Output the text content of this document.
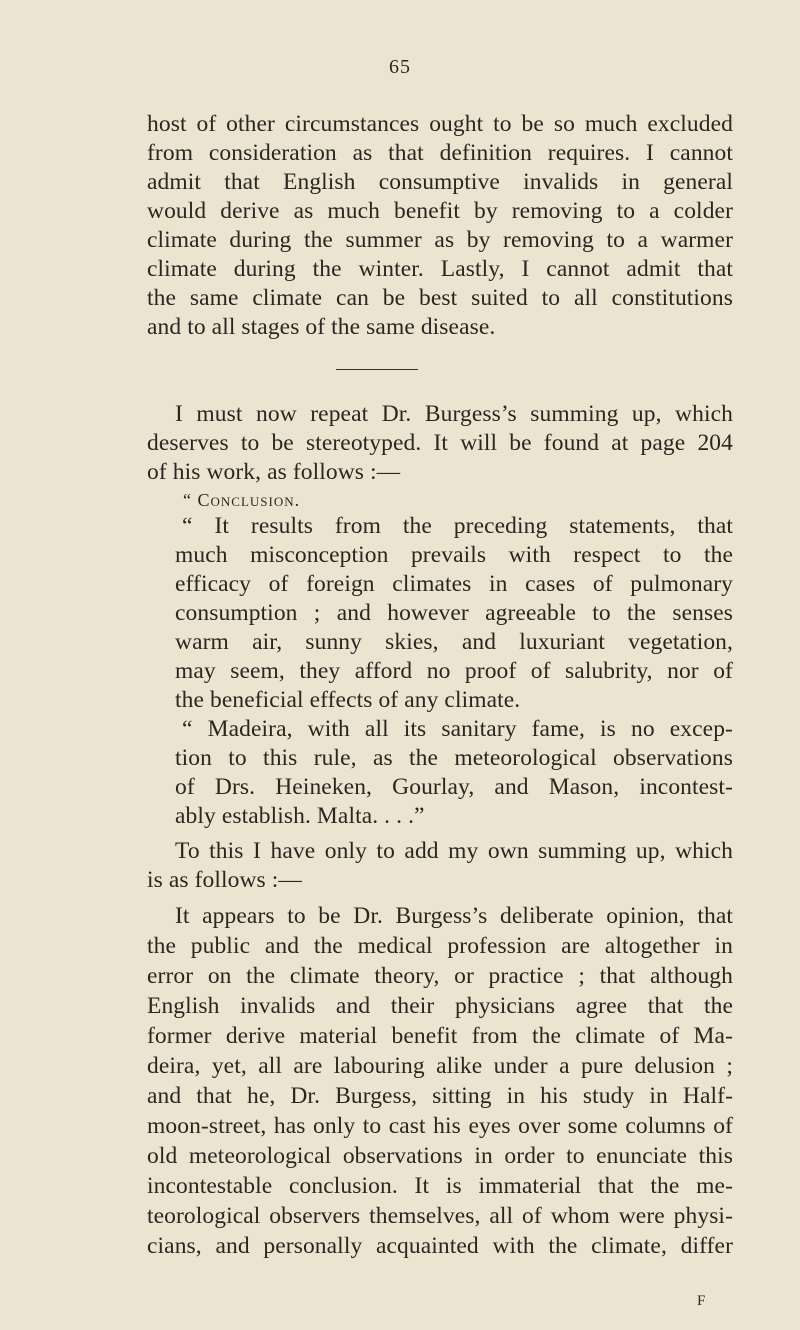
65
host of other circumstances ought to be so much excluded
from consideration as that definition requires. I cannot
admit that English consumptive invalids in general
would derive as much benefit by removing to a colder
climate during the summer as by removing to a warmer
climate during the winter. Lastly, I cannot admit that
the same climate can be best suited to all constitutions
and to all stages of the same disease.
I must now repeat Dr. Burgess’s summing up, which
deserves to be stereotyped. It will be found at page 204
of his work, as follows :—
“ Conclusion.
“ It results from the preceding statements, that
much misconception prevails with respect to the
efficacy of foreign climates in cases of pulmonary
consumption ; and however agreeable to the senses
warm air, sunny skies, and luxuriant vegetation,
may seem, they afford no proof of salubrity, nor of
the beneficial effects of any climate.
“ Madeira, with all its sanitary fame, is no excep-
tion to this rule, as the meteorological observations
of Drs. Heineken, Gourlay, and Mason, incontest-
ably establish. Malta. . . .”
To this I have only to add my own summing up, which
is as follows :—
It appears to be Dr. Burgess’s deliberate opinion, that
the public and the medical profession are altogether in
error on the climate theory, or practice ; that although
English invalids and their physicians agree that the
former derive material benefit from the climate of Ma-
deira, yet, all are labouring alike under a pure delusion ;
and that he, Dr. Burgess, sitting in his study in Half-
moon-street, has only to cast his eyes over some columns of
old meteorological observations in order to enunciate this
incontestable conclusion. It is immaterial that the me-
teorological observers themselves, all of whom were physi-
cians, and personally acquainted with the climate, differ
F
